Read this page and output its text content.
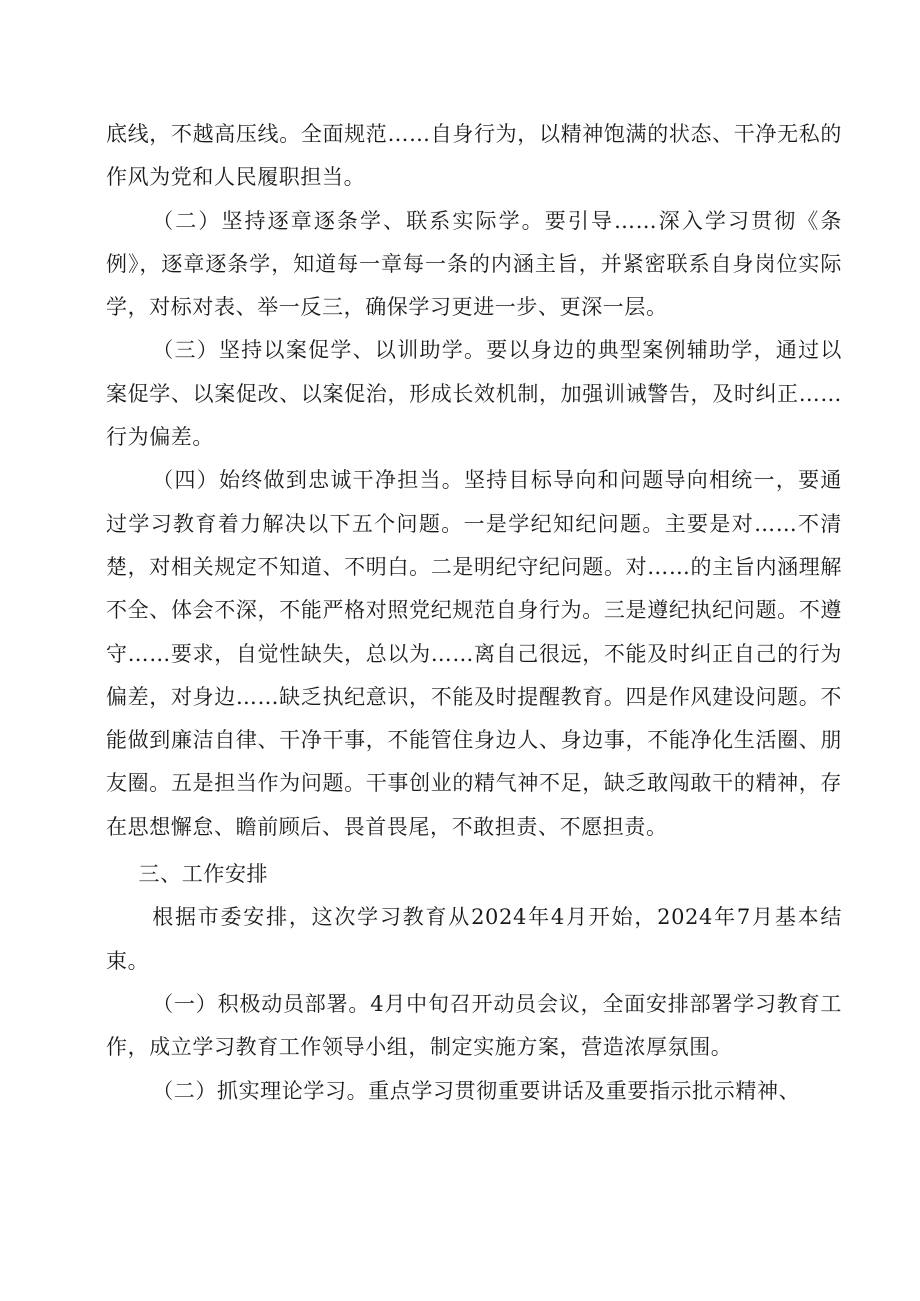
底线，不越高压线。全面规范……自身行为，以精神饱满的状态、干净无私的作风为党和人民履职担当。

（二）坚持逐章逐条学、联系实际学。要引导……深入学习贯彻《条例》，逐章逐条学，知道每一章每一条的内涵主旨，并紧密联系自身岗位实际学，对标对表、举一反三，确保学习更进一步、更深一层。

（三）坚持以案促学、以训助学。要以身边的典型案例辅助学，通过以案促学、以案促改、以案促治，形成长效机制，加强训诫警告，及时纠正……行为偏差。

（四）始终做到忠诚干净担当。坚持目标导向和问题导向相统一，要通过学习教育着力解决以下五个问题。一是学纪知纪问题。主要是对……不清楚，对相关规定不知道、不明白。二是明纪守纪问题。对……的主旨内涵理解不全、体会不深，不能严格对照党纪规范自身行为。三是遵纪执纪问题。不遵守……要求，自觉性缺失，总以为……离自己很远，不能及时纠正自己的行为偏差，对身边……缺乏执纪意识，不能及时提醒教育。四是作风建设问题。不能做到廉洁自律、干净干事，不能管住身边人、身边事，不能净化生活圈、朋友圈。五是担当作为问题。干事创业的精气神不足，缺乏敢闯敢干的精神，存在思想懈怠、瞻前顾后、畏首畏尾，不敢担责、不愿担责。

三、工作安排

根据市委安排，这次学习教育从2024年4月开始，2024年7月基本结束。

（一）积极动员部署。4月中旬召开动员会议，全面安排部署学习教育工作，成立学习教育工作领导小组，制定实施方案，营造浓厚氛围。

（二）抓实理论学习。重点学习贯彻重要讲话及重要指示批示精神、
